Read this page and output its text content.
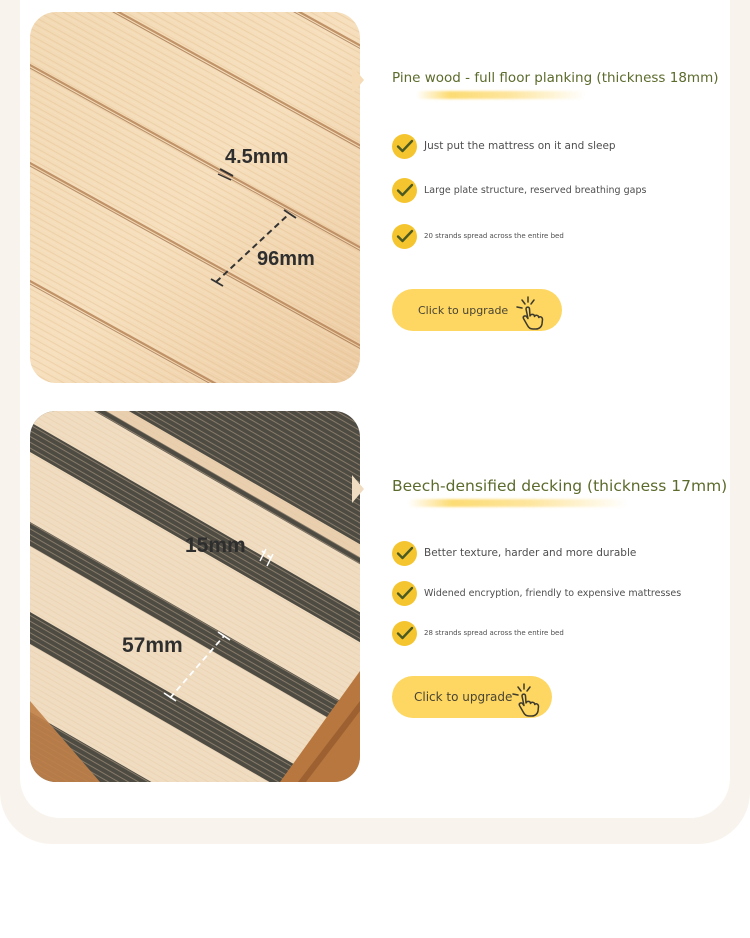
4.5mm
96mm
Pine wood - full floor planking (thickness 18mm)
Just put the mattress on it and sleep
Large plate structure, reserved breathing gaps
20 strands spread across the entire bed
Click to upgrade
15mm
57mm
Beech-densified decking (thickness 17mm)
Better texture, harder and more durable
Widened encryption, friendly to expensive mattresses
28 strands spread across the entire bed
Click to upgrade
